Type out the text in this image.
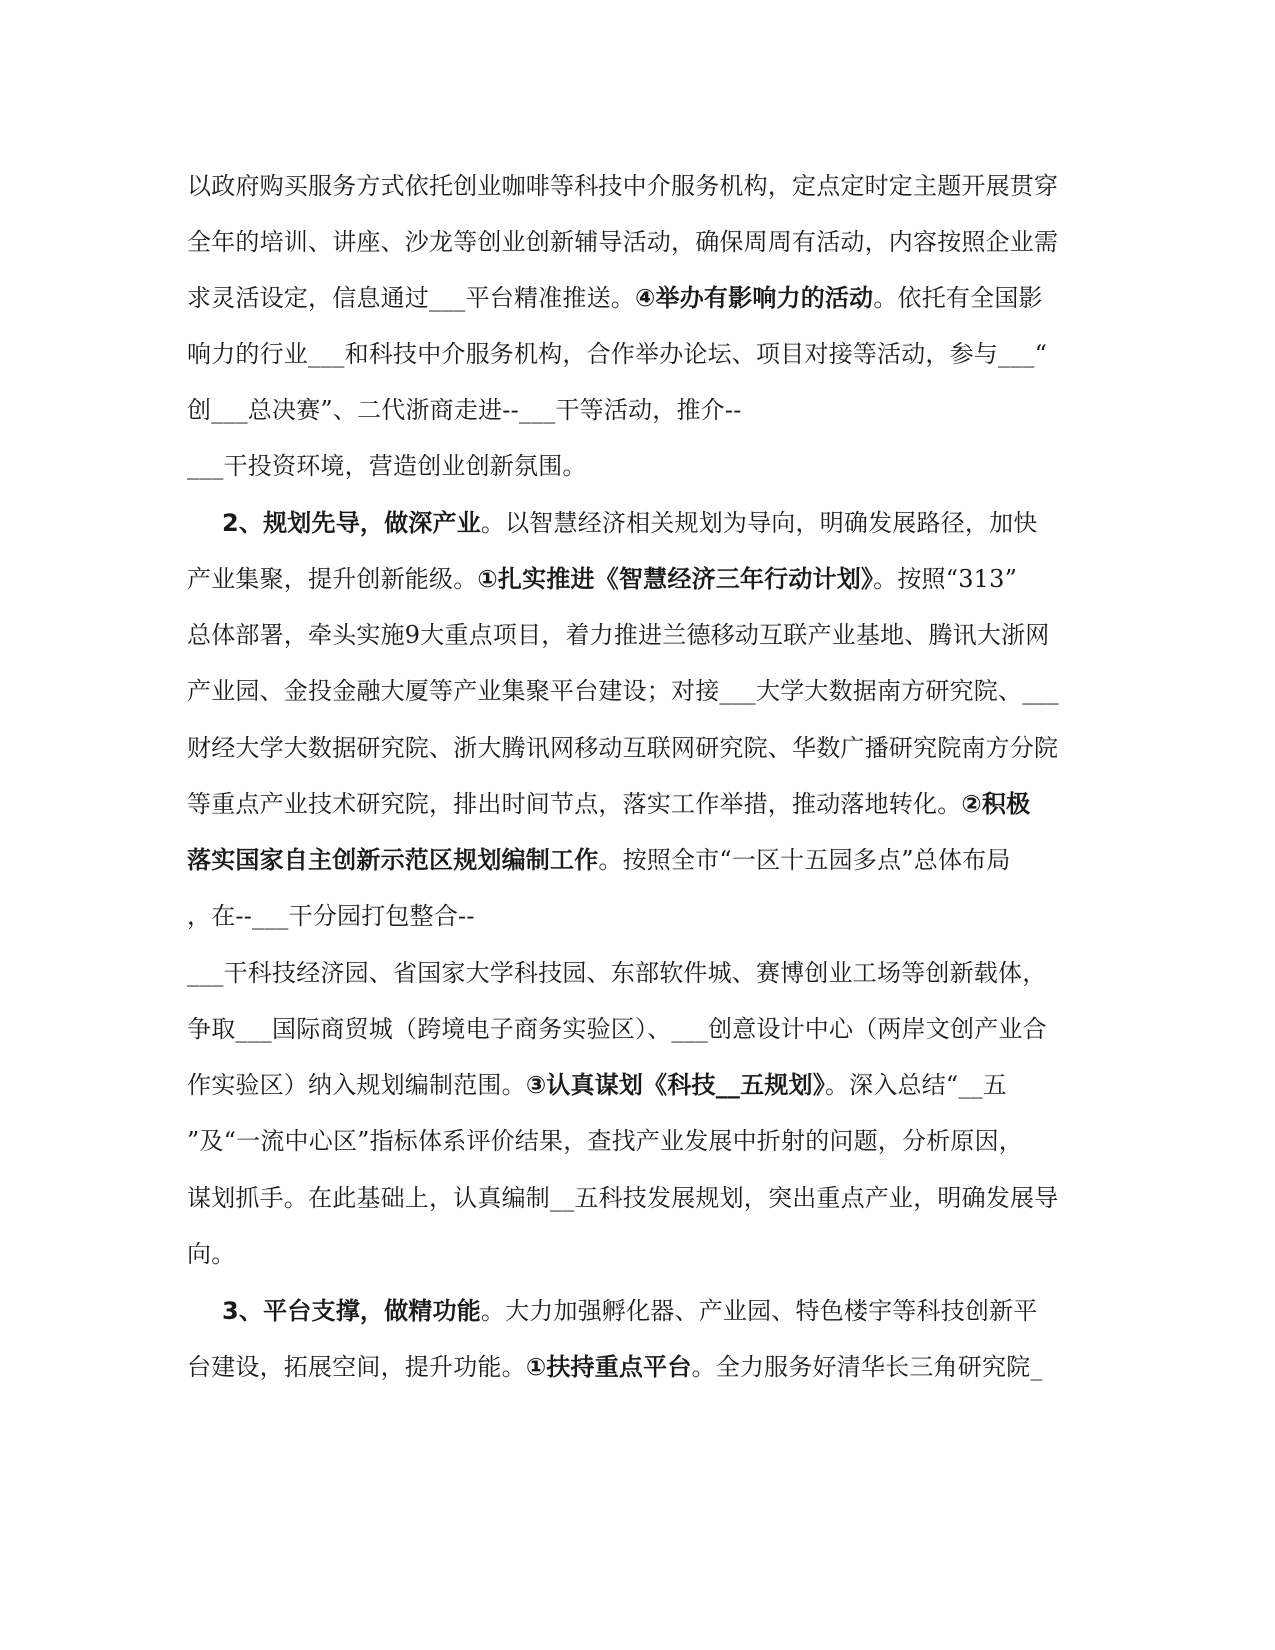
以政府购买服务方式依托创业咖啡等科技中介服务机构，定点定时定主题开展贯穿
全年的培训、讲座、沙龙等创业创新辅导活动，确保周周有活动，内容按照企业需
求灵活设定，信息通过___平台精准推送。④举办有影响力的活动。依托有全国影
响力的行业___和科技中介服务机构，合作举办论坛、项目对接等活动，参与___“
创___总决赛”、二代浙商走进--___干等活动，推介--
___干投资环境，营造创业创新氛围。
2、规划先导，做深产业。以智慧经济相关规划为导向，明确发展路径，加快
产业集聚，提升创新能级。①扎实推进《智慧经济三年行动计划》。按照“313”
总体部署，牵头实施9大重点项目，着力推进兰德移动互联产业基地、腾讯大浙网
产业园、金投金融大厦等产业集聚平台建设；对接___大学大数据南方研究院、___
财经大学大数据研究院、浙大腾讯网移动互联网研究院、华数广播研究院南方分院
等重点产业技术研究院，排出时间节点，落实工作举措，推动落地转化。②积极
落实国家自主创新示范区规划编制工作。按照全市“一区十五园多点”总体布局
，在--___干分园打包整合--
___干科技经济园、省国家大学科技园、东部软件城、赛博创业工场等创新载体，
争取___国际商贸城（跨境电子商务实验区）、___创意设计中心（两岸文创产业合
作实验区）纳入规划编制范围。③认真谋划《科技__五规划》。深入总结“__五
”及“一流中心区”指标体系评价结果，查找产业发展中折射的问题，分析原因，
谋划抓手。在此基础上，认真编制__五科技发展规划，突出重点产业，明确发展导
向。
3、平台支撑，做精功能。大力加强孵化器、产业园、特色楼宇等科技创新平
台建设，拓展空间，提升功能。①扶持重点平台。全力服务好清华长三角研究院_
